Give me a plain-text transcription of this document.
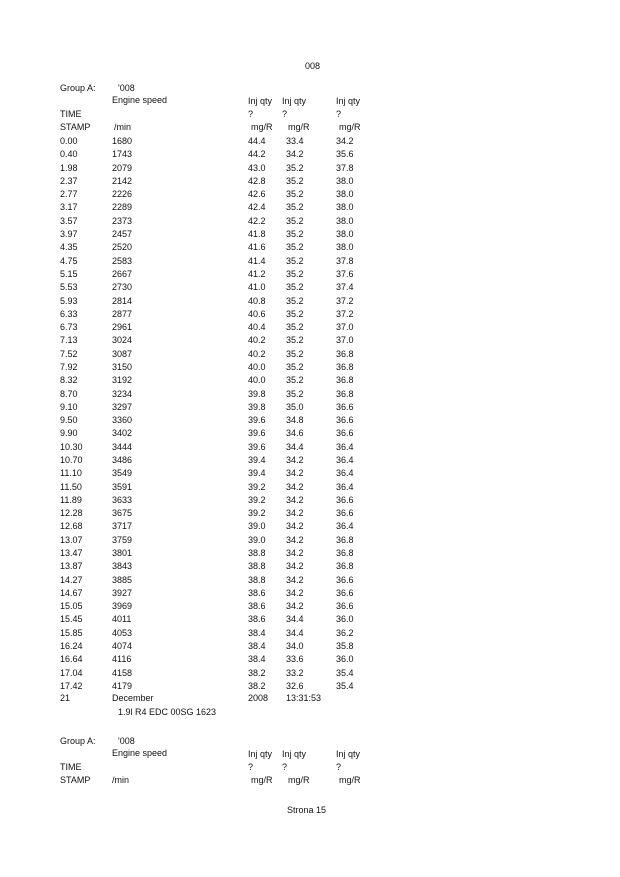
008
Group A: '008
Engine speed	Inj qty Inj qty	Inj qty
TIME	?	?	?
STAMP	/min	mg/R mg/R	mg/R
0.00	1680	44.4 33.4	34.2
0.40	1743	44.2 34.2	35.6
1.98	2079	43.0 35.2	37.8
2.37	2142	42.8 35.2	38.0
2.77	2226	42.6 35.2	38.0
3.17	2289	42.4 35.2	38.0
3.57	2373	42.2 35.2	38.0
3.97	2457	41.8 35.2	38.0
4.35	2520	41.6 35.2	38.0
4.75	2583	41.4 35.2	37.8
5.15	2667	41.2 35.2	37.6
5.53	2730	41.0 35.2	37.4
5.93	2814	40.8 35.2	37.2
6.33	2877	40.6 35.2	37.2
6.73	2961	40.4 35.2	37.0
7.13	3024	40.2 35.2	37.0
7.52	3087	40.2 35.2	36.8
7.92	3150	40.0 35.2	36.8
8.32	3192	40.0 35.2	36.8
8.70	3234	39.8 35.2	36.8
9.10	3297	39.8 35.0	36.6
9.50	3360	39.6 34.8	36.6
9.90	3402	39.6 34.6	36.6
10.30	3444	39.6 34.4	36.4
10.70	3486	39.4 34.2	36.4
11.10	3549	39.4 34.2	36.4
11.50	3591	39.2 34.2	36.4
11.89	3633	39.2 34.2	36.6
12.28	3675	39.2 34.2	36.6
12.68	3717	39.0 34.2	36.4
13.07	3759	39.0 34.2	36.8
13.47	3801	38.8 34.2	36.8
13.87	3843	38.8 34.2	36.8
14.27	3885	38.8 34.2	36.6
14.67	3927	38.6 34.2	36.6
15.05	3969	38.6 34.2	36.6
15.45	4011	38.6 34.4	36.0
15.85	4053	38.4 34.4	36.2
16.24	4074	38.4 34.0	35.8
16.64	4116	38.4 33.6	36.0
17.04	4158	38.2 33.2	35.4
17.42	4179	38.2 32.6	35.4
21	December	2008 13:31:53
1.9l R4 EDC 00SG 1623
Group A: '008
Engine speed	Inj qty Inj qty	Inj qty
TIME	?	?	?
STAMP /min	mg/R mg/R	mg/R
Strona 15
